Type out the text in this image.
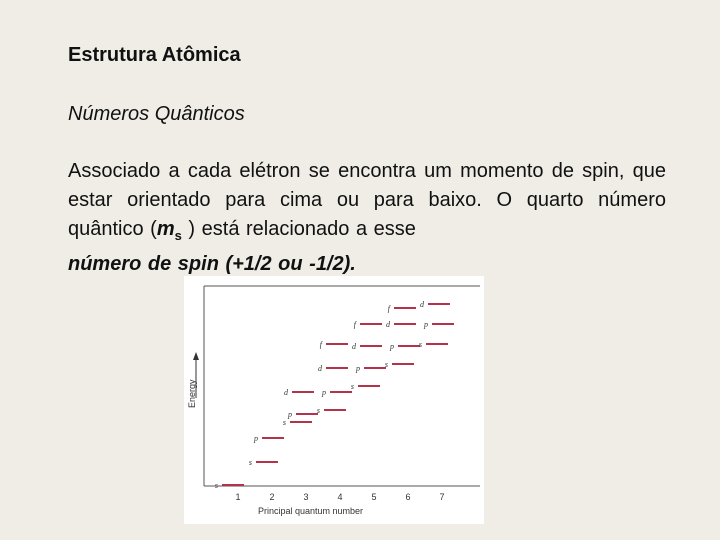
Estrutura Atômica
Números Quânticos
Associado a cada elétron se encontra um momento de spin, que estar orientado para cima ou para baixo. O quarto número quântico ($m_s$ ) está relacionado a esse
número de spin (+1/2 ou -1/2).
Energy
1	2	3	4	5	6	7
Principal quantum number
s
s
p
s
p
d
s
p
d
f
s
p
d
f
s
p
d
f
s
p
d
